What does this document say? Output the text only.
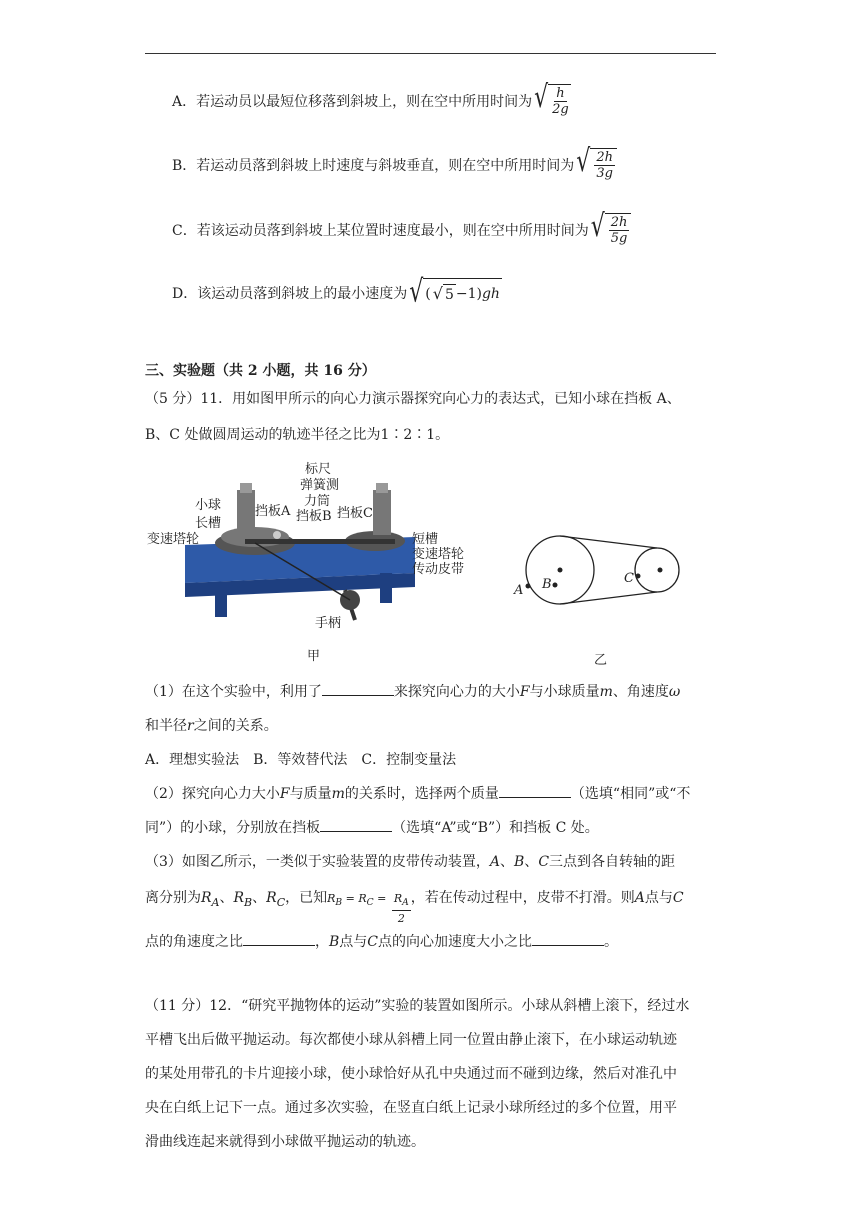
A．若运动员以最短位移落到斜坡上，则在空中所用时间为 √ $\frac{h}{2g}$
B．若运动员落到斜坡上时速度与斜坡垂直，则在空中所用时间为 √ $\frac{2h}{3g}$
C．若该运动员落到斜坡上某位置时速度最小，则在空中所用时间为 √ $\frac{2h}{5g}$
D．该运动员落到斜坡上的最小速度为 √ ( √ 5 −1 ) gh
三、实验题（共 2 小题，共 16 分）
（5 分）11．用如图甲所示的向心力演示器探究向心力的表达式，已知小球在挡板 A、
B、C 处做圆周运动的轨迹半径之比为1∶2∶1。
标尺
弹簧测
力筒
小球	挡板A 挡板B 挡板C
长槽
变速塔轮	短槽
变速塔轮
传动皮带
手柄
甲
A B	C
乙
（1）在这个实验中，利用了	来探究向心力的大小F与小球质量m、角速度ω
和半径r之间的关系。
A．理想实验法　B．等效替代法　C．控制变量法
（2）探究向心力大小F与质量m的关系时，选择两个质量	（选填“相同”或“不
同”）的小球，分别放在挡板	（选填“A”或“B”）和挡板 C 处。
（3）如图乙所示，一类似于实验装置的皮带传动装置，A、B、C三点到各自转轴的距
离分别为$R_A$、$R_B$、$R_C$，已知$R_B = R_C = \frac{R_A}{2}$ ，若在传动过程中，皮带不打滑。则A点与C
点的角速度之比	，B点与C点的向心加速度大小之比	。
（11 分）12．“研究平抛物体的运动”实验的装置如图所示。小球从斜槽上滚下，经过水
平槽飞出后做平抛运动。每次都使小球从斜槽上同一位置由静止滚下，在小球运动轨迹
的某处用带孔的卡片迎接小球，使小球恰好从孔中央通过而不碰到边缘，然后对准孔中
央在白纸上记下一点。通过多次实验，在竖直白纸上记录小球所经过的多个位置，用平
滑曲线连起来就得到小球做平抛运动的轨迹。
